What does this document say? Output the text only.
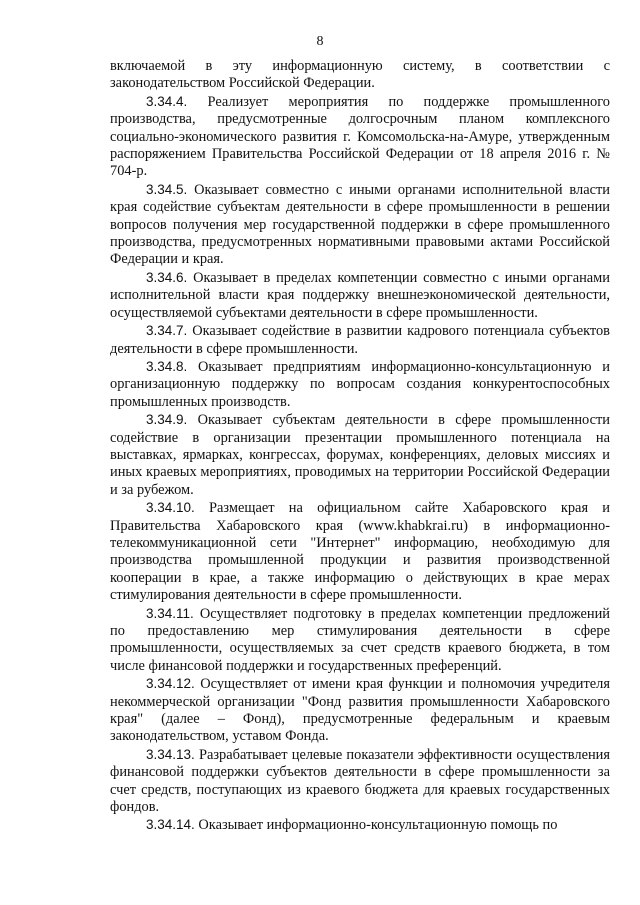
8

включаемой в эту информационную систему, в соответствии с законодательством Российской Федерации.

3.34.4. Реализует мероприятия по поддержке промышленного производства, предусмотренные долгосрочным планом комплексного социально-экономического развития г. Комсомольска-на-Амуре, утвержденным распоряжением Правительства Российской Федерации от 18 апреля 2016 г. № 704-р.

3.34.5. Оказывает совместно с иными органами исполнительной власти края содействие субъектам деятельности в сфере промышленности в решении вопросов получения мер государственной поддержки в сфере промышленного производства, предусмотренных нормативными правовыми актами Российской Федерации и края.

3.34.6. Оказывает в пределах компетенции совместно с иными органами исполнительной власти края поддержку внешнеэкономической деятельности, осуществляемой субъектами деятельности в сфере промышленности.

3.34.7. Оказывает содействие в развитии кадрового потенциала субъектов деятельности в сфере промышленности.

3.34.8. Оказывает предприятиям информационно-консультационную и организационную поддержку по вопросам создания конкурентоспособных промышленных производств.

3.34.9. Оказывает субъектам деятельности в сфере промышленности содействие в организации презентации промышленного потенциала на выставках, ярмарках, конгрессах, форумах, конференциях, деловых миссиях и иных краевых мероприятиях, проводимых на территории Российской Федерации и за рубежом.

3.34.10. Размещает на официальном сайте Хабаровского края и Правительства Хабаровского края (www.khabkrai.ru) в информационно-телекоммуникационной сети "Интернет" информацию, необходимую для производства промышленной продукции и развития производственной кооперации в крае, а также информацию о действующих в крае мерах стимулирования деятельности в сфере промышленности.

3.34.11. Осуществляет подготовку в пределах компетенции предложений по предоставлению мер стимулирования деятельности в сфере промышленности, осуществляемых за счет средств краевого бюджета, в том числе финансовой поддержки и государственных преференций.

3.34.12. Осуществляет от имени края функции и полномочия учредителя некоммерческой организации "Фонд развития промышленности Хабаровского края" (далее – Фонд), предусмотренные федеральным и краевым законодательством, уставом Фонда.

3.34.13. Разрабатывает целевые показатели эффективности осуществления финансовой поддержки субъектов деятельности в сфере промышленности за счет средств, поступающих из краевого бюджета для краевых государственных фондов.

3.34.14. Оказывает информационно-консультационную помощь по
